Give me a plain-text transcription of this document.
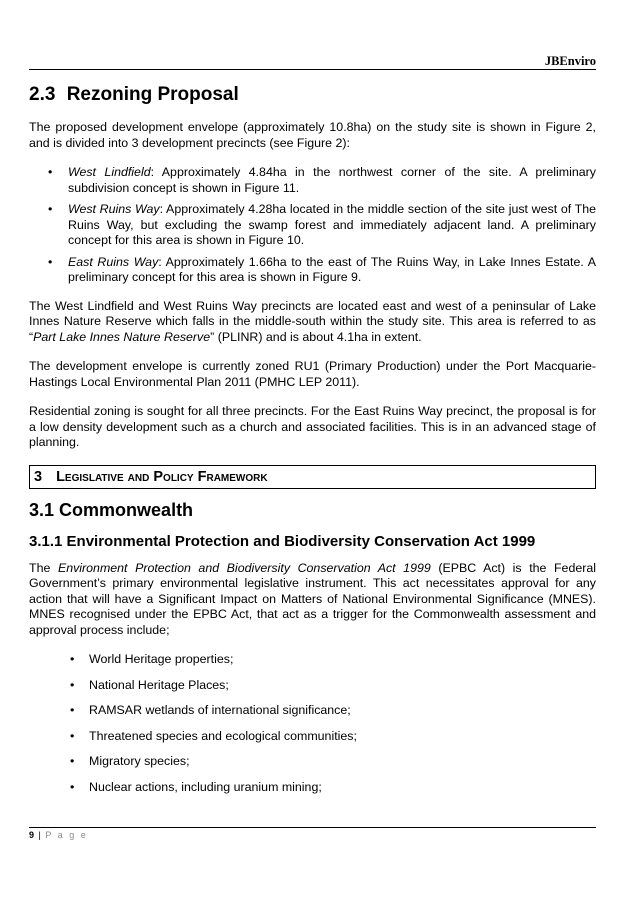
JBEnviro
2.3 Rezoning Proposal

The proposed development envelope (approximately 10.8ha) on the study site is shown in Figure 2, and is divided into 3 development precincts (see Figure 2):

• West Lindfield: Approximately 4.84ha in the northwest corner of the site. A preliminary subdivision concept is shown in Figure 11.
• West Ruins Way: Approximately 4.28ha located in the middle section of the site just west of The Ruins Way, but excluding the swamp forest and immediately adjacent land. A preliminary concept for this area is shown in Figure 10.
• East Ruins Way: Approximately 1.66ha to the east of The Ruins Way, in Lake Innes Estate. A preliminary concept for this area is shown in Figure 9.

The West Lindfield and West Ruins Way precincts are located east and west of a peninsular of Lake Innes Nature Reserve which falls in the middle-south within the study site. This area is referred to as “Part Lake Innes Nature Reserve” (PLINR) and is about 4.1ha in extent.

The development envelope is currently zoned RU1 (Primary Production) under the Port Macquarie-Hastings Local Environmental Plan 2011 (PMHC LEP 2011).

Residential zoning is sought for all three precincts. For the East Ruins Way precinct, the proposal is for a low density development such as a church and associated facilities. This is in an advanced stage of planning.

3 Legislative and Policy Framework
3.1 Commonwealth
3.1.1 Environmental Protection and Biodiversity Conservation Act 1999

The Environment Protection and Biodiversity Conservation Act 1999 (EPBC Act) is the Federal Government’s primary environmental legislative instrument. This act necessitates approval for any action that will have a Significant Impact on Matters of National Environmental Significance (MNES). MNES recognised under the EPBC Act, that act as a trigger for the Commonwealth assessment and approval process include;

• World Heritage properties;
• National Heritage Places;
• RAMSAR wetlands of international significance;
• Threatened species and ecological communities;
• Migratory species;
• Nuclear actions, including uranium mining;
9 | P a g e
